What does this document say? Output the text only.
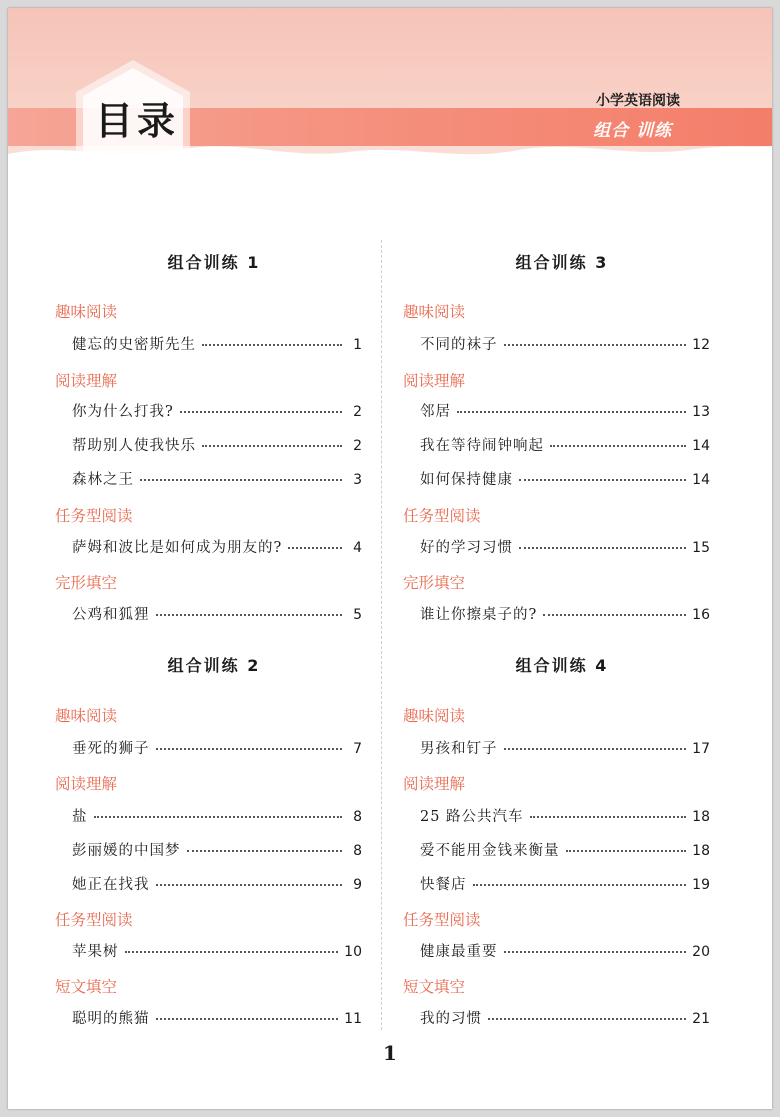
目录	小学英语阅读
组合 训练
组合训练 1
趣味阅读
健忘的史密斯先生	1
阅读理解
你为什么打我?	2
帮助别人使我快乐	2
森林之王	3
任务型阅读
萨姆和波比是如何成为朋友的?	4
完形填空
公鸡和狐狸	5
组合训练 2
趣味阅读
垂死的狮子	7
阅读理解
盐	8
彭丽媛的中国梦	8
她正在找我	9
任务型阅读
苹果树	10
短文填空
聪明的熊猫	11
组合训练 3
趣味阅读
不同的袜子	12
阅读理解
邻居	13
我在等待闹钟响起	14
如何保持健康	14
任务型阅读
好的学习习惯	15
完形填空
谁让你擦桌子的?	16
组合训练 4
趣味阅读
男孩和钉子	17
阅读理解
25 路公共汽车	18
爱不能用金钱来衡量	18
快餐店	19
任务型阅读
健康最重要	20
短文填空
我的习惯	21
1
